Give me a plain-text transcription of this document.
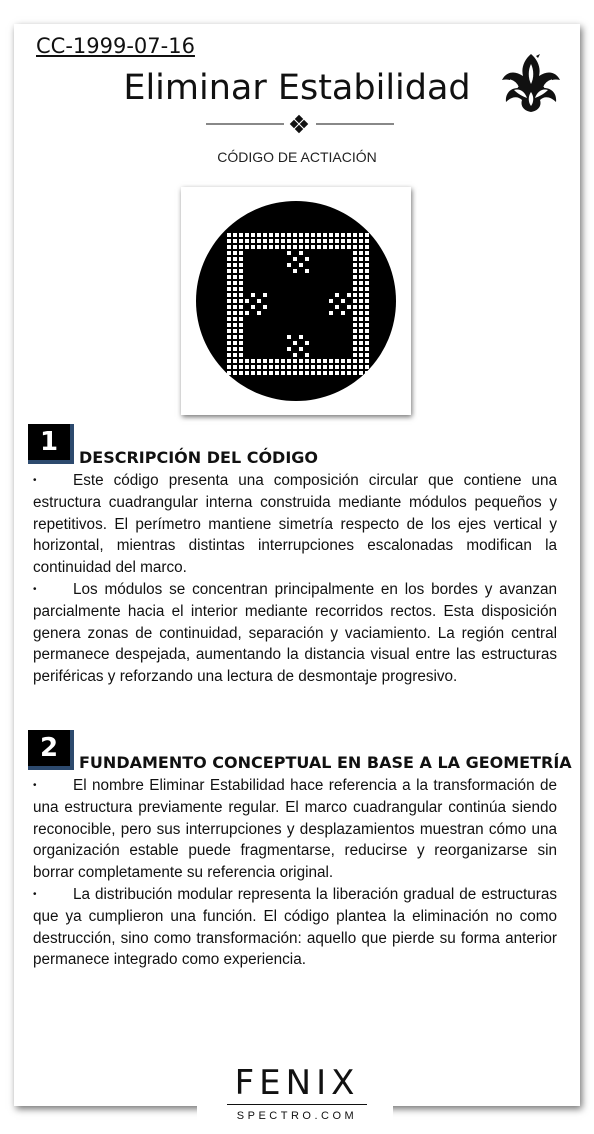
CC-1999-07-16
Eliminar Estabilidad
CÓDIGO DE ACTIACIÓN
1
DESCRIPCIÓN DEL CÓDIGO

• Este código presenta una composición circular que contiene una estructura cuadrangular interna construida mediante módulos pequeños y repetitivos. El perímetro mantiene simetría respecto de los ejes vertical y horizontal, mientras distintas interrupciones escalonadas modifican la continuidad del marco.

• Los módulos se concentran principalmente en los bordes y avanzan parcialmente hacia el interior mediante recorridos rectos. Esta disposición genera zonas de continuidad, separación y vaciamiento. La región central permanece despejada, aumentando la distancia visual entre las estructuras periféricas y reforzando una lectura de desmontaje progresivo.

2	FUNDAMENTO CONCEPTUAL EN BASE A LA GEOMETRÍA

• El nombre Eliminar Estabilidad hace referencia a la transformación de una estructura previamente regular. El marco cuadrangular continúa siendo reconocible, pero sus interrupciones y desplazamientos muestran cómo una organización estable puede fragmentarse, reducirse y reorganizarse sin borrar completamente su referencia original.

• La distribución modular representa la liberación gradual de estructuras que ya cumplieron una función. El código plantea la eliminación no como destrucción, sino como transformación: aquello que pierde su forma anterior permanece integrado como experiencia.

FENIX
SPECTRO.COM
